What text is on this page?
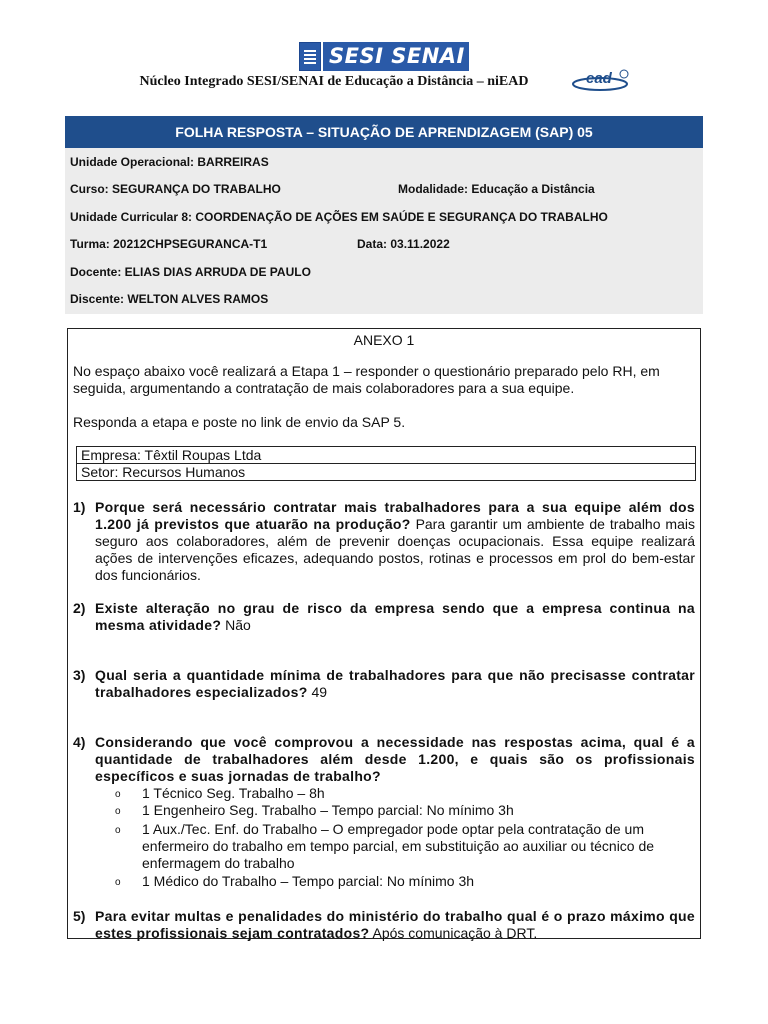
SESI SENAI
Núcleo Integrado SESI/SENAI de Educação a Distância – niEAD	ead
FOLHA RESPOSTA – SITUAÇÃO DE APRENDIZAGEM (SAP) 05
Unidade Operacional: BARREIRAS
Curso: SEGURANÇA DO TRABALHO	Modalidade: Educação a Distância
Unidade Curricular 8: COORDENAÇÃO DE AÇÕES EM SAÚDE E SEGURANÇA DO TRABALHO
Turma: 20212CHPSEGURANCA-T1	Data: 03.11.2022
Docente: ELIAS DIAS ARRUDA DE PAULO
Discente: WELTON ALVES RAMOS
ANEXO 1
No espaço abaixo você realizará a Etapa 1 – responder o questionário preparado pelo RH, em seguida, argumentando a contratação de mais colaboradores para a sua equipe.
Responda a etapa e poste no link de envio da SAP 5.
Empresa: Têxtil Roupas Ltda
Setor: Recursos Humanos
1) Porque será necessário contratar mais trabalhadores para a sua equipe além dos 1.200 já previstos que atuarão na produção? Para garantir um ambiente de trabalho mais seguro aos colaboradores, além de prevenir doenças ocupacionais. Essa equipe realizará ações de intervenções eficazes, adequando postos, rotinas e processos em prol do bem-estar dos funcionários.
2) Existe alteração no grau de risco da empresa sendo que a empresa continua na mesma atividade? Não
3) Qual seria a quantidade mínima de trabalhadores para que não precisasse contratar trabalhadores especializados? 49
4) Considerando que você comprovou a necessidade nas respostas acima, qual é a quantidade de trabalhadores além desde 1.200, e quais são os profissionais específicos e suas jornadas de trabalho?
o 1 Técnico Seg. Trabalho – 8h
o 1 Engenheiro Seg. Trabalho – Tempo parcial: No mínimo 3h
o 1 Aux./Tec. Enf. do Trabalho – O empregador pode optar pela contratação de um enfermeiro do trabalho em tempo parcial, em substituição ao auxiliar ou técnico de enfermagem do trabalho
o 1 Médico do Trabalho – Tempo parcial: No mínimo 3h
5) Para evitar multas e penalidades do ministério do trabalho qual é o prazo máximo que estes profissionais sejam contratados? Após comunicação à DRT.
